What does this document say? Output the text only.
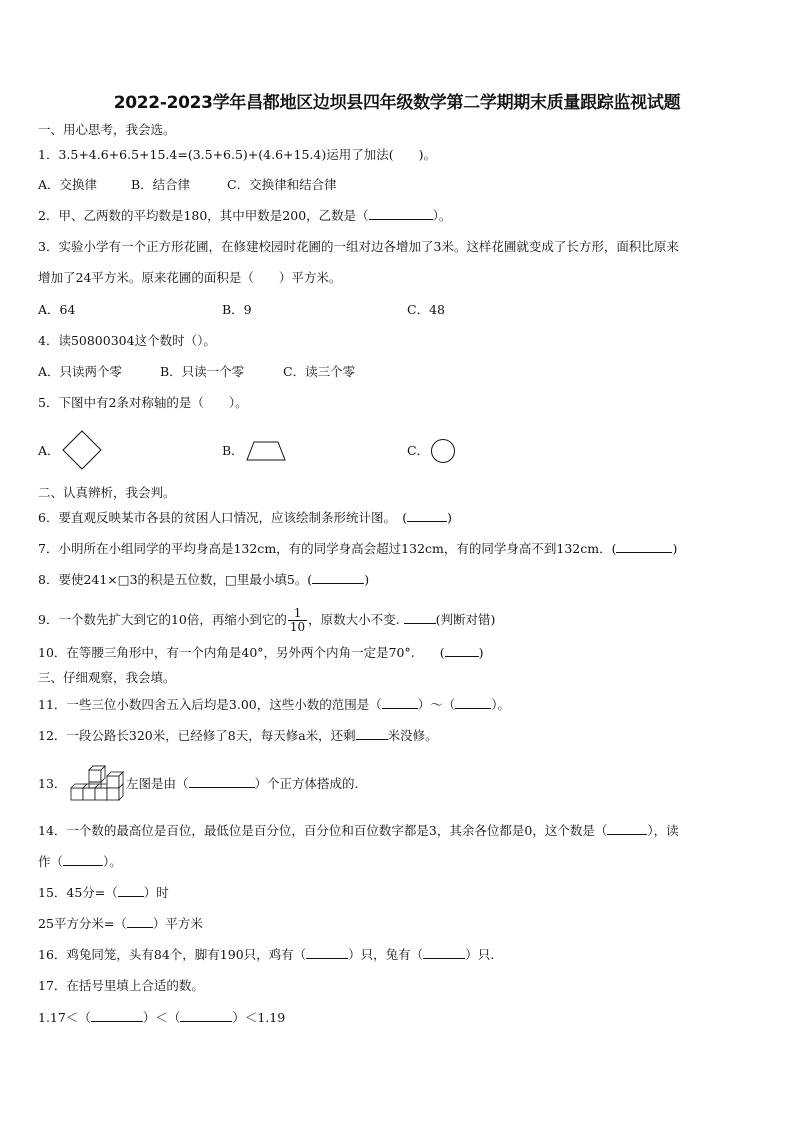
2022-2023学年昌都地区边坝县四年级数学第二学期期末质量跟踪监视试题
一、用心思考，我会选。
1．3.5+4.6+6.5+15.4=(3.5+6.5)+(4.6+15.4)运用了加法(　　)。
A．交换律	B．结合律	C．交换律和结合律
2．甲、乙两数的平均数是180，其中甲数是200，乙数是（	）。
3．实验小学有一个正方形花圃，在修建校园时花圃的一组对边各增加了3米。这样花圃就变成了长方形，面积比原来
增加了24平方米。原来花圃的面积是（　　）平方米。
A．64	B．9	C．48
4．读50800304这个数时（）。
A．只读两个零	B．只读一个零	C．读三个零
5．下图中有2条对称轴的是（　　）。
A．	B．	C．
二、认真辨析，我会判。
6．要直观反映某市各县的贫困人口情况，应该绘制条形统计图。　(	)
7．小明所在小组同学的平均身高是132cm，有的同学身高会超过132cm，有的同学身高不到132cm．(	)
8．要使241×□3的积是五位数，□里最小填5。(	)
9．一个数先扩大到它的10倍，再缩小到它的 $\frac{1}{10}$ ，原数大小不变.	(判断对错)
10．在等腰三角形中，有一个内角是40°，另外两个内角一定是70°.　　(	)
三、仔细观察，我会填。
11．一些三位小数四舍五入后均是3.00，这些小数的范围是（	）～（	）。
12．一段公路长320米，已经修了8天，每天修a米，还剩	米没修。
13．	左图是由（	）个正方体搭成的.
14．一个数的最高位是百位，最低位是百分位，百分位和百位数字都是3，其余各位都是0，这个数是（	），读
作（	）。
15．45分=（ ）时
25平方分米=（ ）平方米
16．鸡兔同笼，头有84个，脚有190只，鸡有（	）只，兔有（	）只.
17．在括号里填上合适的数。
1.17＜（	）＜（	）＜1.19
